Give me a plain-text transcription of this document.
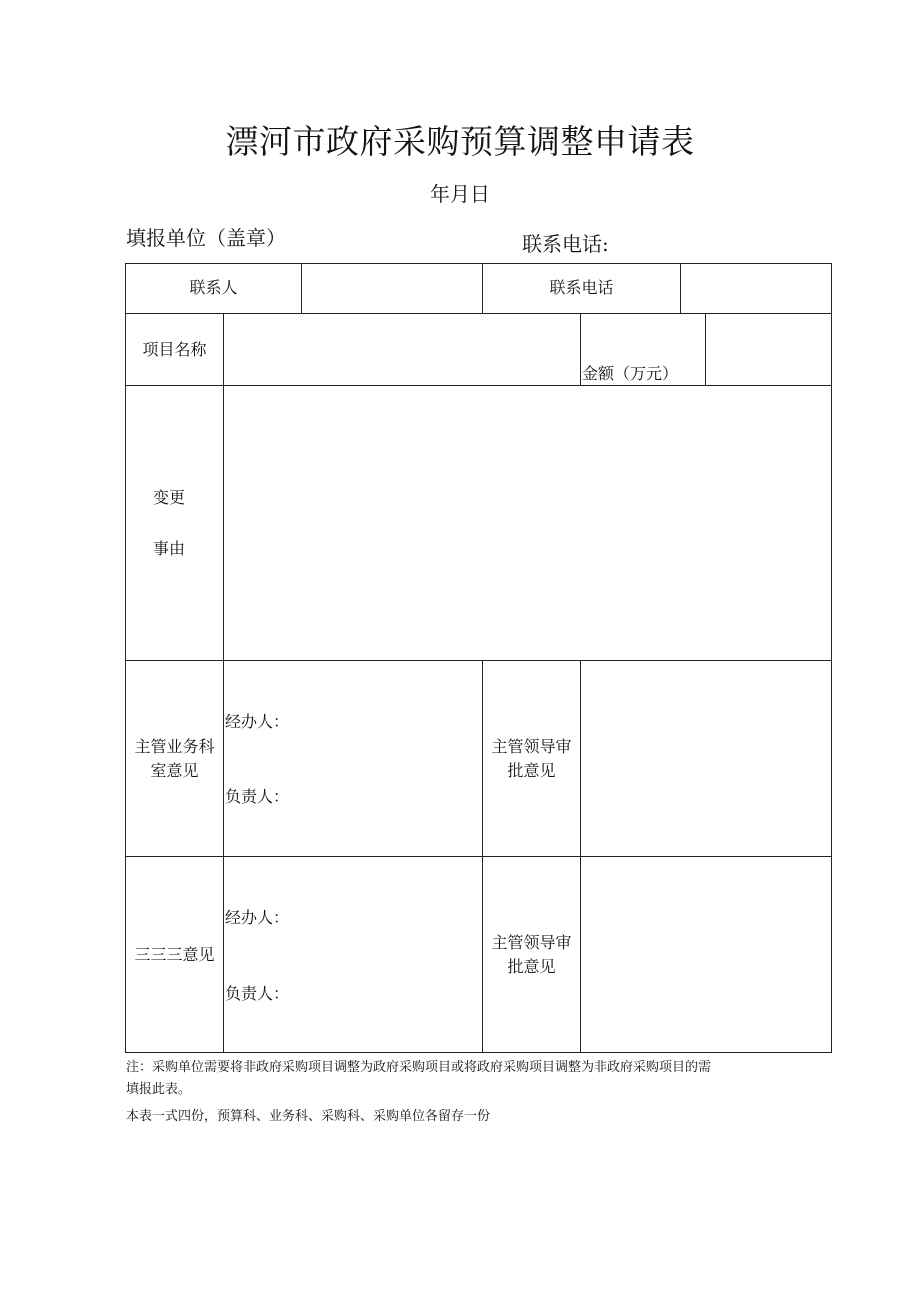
漂河市政府采购预算调整申请表
年月日
填报单位（盖章）	联系电话:
联系人	联系电话
项目名称
金额（万元）
变更
事由
主管业务科
室意见
经办人：
负责人：
主管领导审
批意见
三三三意见
经办人：
负责人：
主管领导审
批意见
注：采购单位需要将非政府采购项目调整为政府采购项目或将政府采购项目调整为非政府采购项目的需
填报此表。
本表一式四份，预算科、业务科、采购科、采购单位各留存一份
